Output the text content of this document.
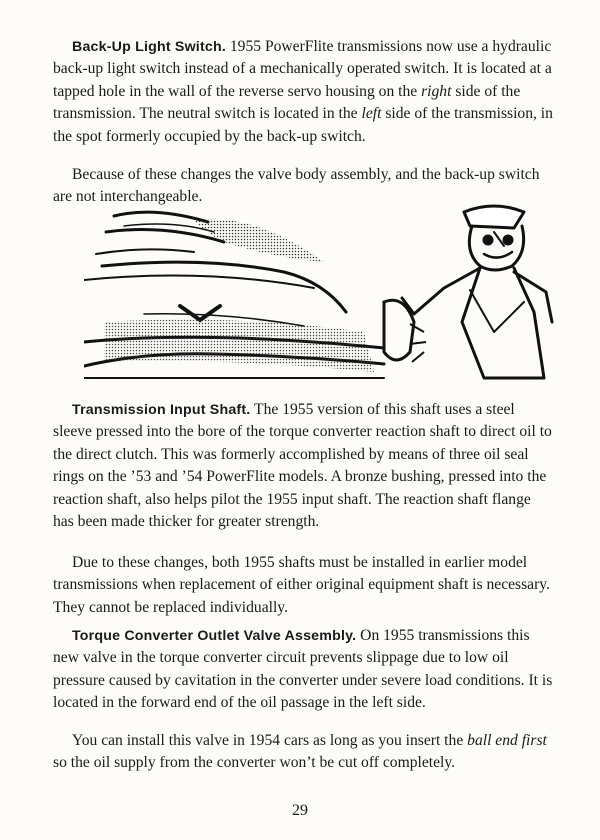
Back-Up Light Switch. 1955 PowerFlite transmissions now use a hydraulic back-up light switch instead of a mechanically operated switch. It is located at a tapped hole in the wall of the reverse servo housing on the right side of the transmission. The neutral switch is located in the left side of the transmission, in the spot formerly occupied by the back-up switch.

Because of these changes the valve body assembly, and the back-up switch are not interchangeable.

Transmission Input Shaft. The 1955 version of this shaft uses a steel sleeve pressed into the bore of the torque converter reaction shaft to direct oil to the direct clutch. This was formerly accomplished by means of three oil seal rings on the ’53 and ’54 PowerFlite models. A bronze bushing, pressed into the reaction shaft, also helps pilot the 1955 input shaft. The reaction shaft flange has been made thicker for greater strength.

Due to these changes, both 1955 shafts must be installed in earlier model transmissions when replacement of either original equipment shaft is necessary. They cannot be replaced individually.

Torque Converter Outlet Valve Assembly. On 1955 transmissions this new valve in the torque converter circuit prevents slippage due to low oil pressure caused by cavitation in the converter under severe load conditions. It is located in the forward end of the oil passage in the left side.

You can install this valve in 1954 cars as long as you insert the ball end first so the oil supply from the converter won’t be cut off completely.

29
